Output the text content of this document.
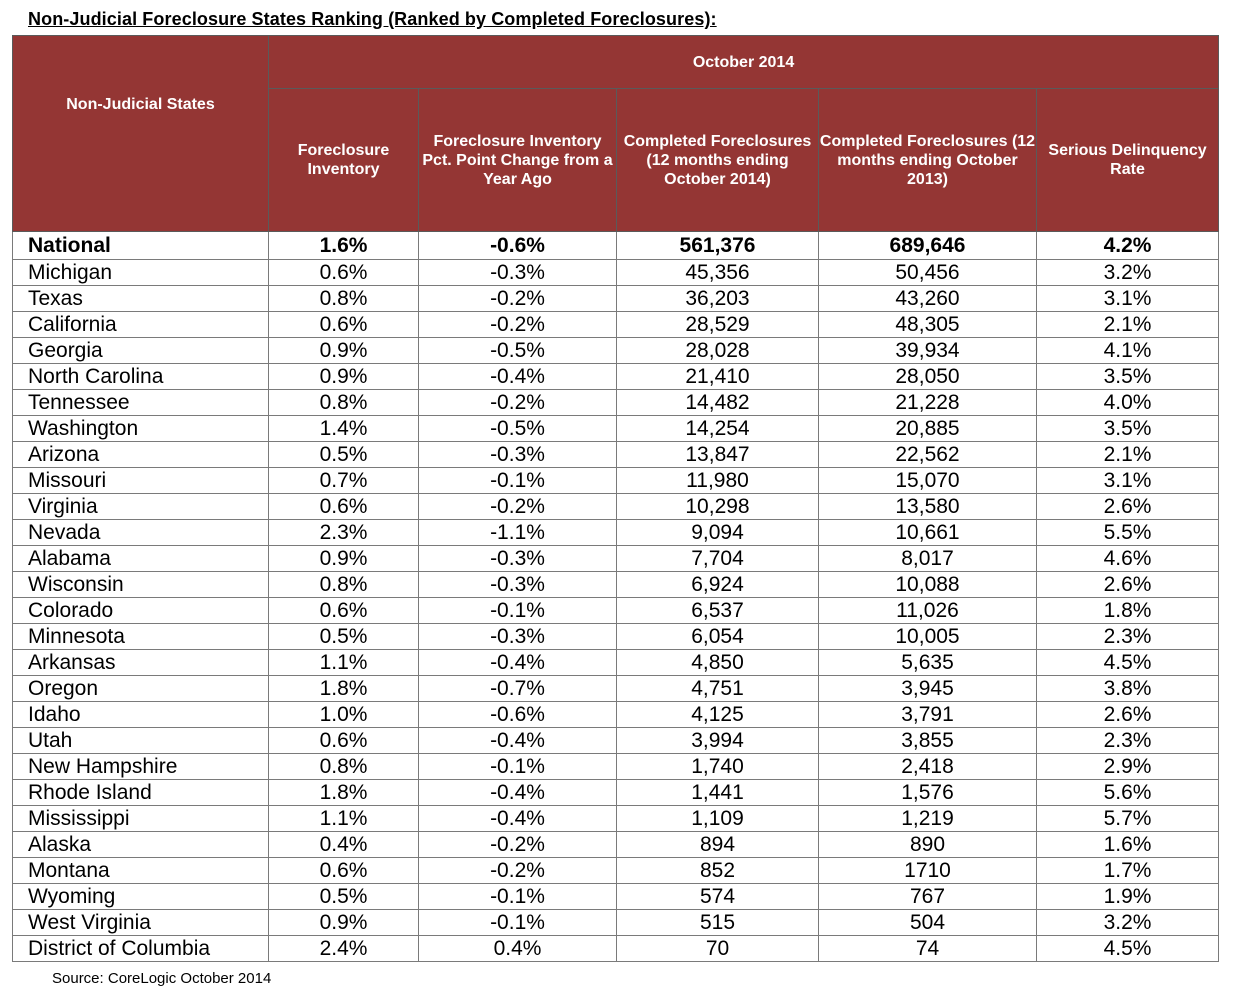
Non-Judicial Foreclosure States Ranking (Ranked by Completed Foreclosures):
Non-Judicial States	October 2014				
	Foreclosure Inventory	Foreclosure Inventory Pct. Point Change from a Year Ago	Completed Foreclosures (12 months ending October 2014)	Completed Foreclosures (12 months ending October 2013)	Serious Delinquency Rate
National	1.6%	-0.6%	561,376	689,646	4.2%
Michigan	0.6%	-0.3%	45,356	50,456	3.2%
Texas	0.8%	-0.2%	36,203	43,260	3.1%
California	0.6%	-0.2%	28,529	48,305	2.1%
Georgia	0.9%	-0.5%	28,028	39,934	4.1%
North Carolina	0.9%	-0.4%	21,410	28,050	3.5%
Tennessee	0.8%	-0.2%	14,482	21,228	4.0%
Washington	1.4%	-0.5%	14,254	20,885	3.5%
Arizona	0.5%	-0.3%	13,847	22,562	2.1%
Missouri	0.7%	-0.1%	11,980	15,070	3.1%
Virginia	0.6%	-0.2%	10,298	13,580	2.6%
Nevada	2.3%	-1.1%	9,094	10,661	5.5%
Alabama	0.9%	-0.3%	7,704	8,017	4.6%
Wisconsin	0.8%	-0.3%	6,924	10,088	2.6%
Colorado	0.6%	-0.1%	6,537	11,026	1.8%
Minnesota	0.5%	-0.3%	6,054	10,005	2.3%
Arkansas	1.1%	-0.4%	4,850	5,635	4.5%
Oregon	1.8%	-0.7%	4,751	3,945	3.8%
Idaho	1.0%	-0.6%	4,125	3,791	2.6%
Utah	0.6%	-0.4%	3,994	3,855	2.3%
New Hampshire	0.8%	-0.1%	1,740	2,418	2.9%
Rhode Island	1.8%	-0.4%	1,441	1,576	5.6%
Mississippi	1.1%	-0.4%	1,109	1,219	5.7%
Alaska	0.4%	-0.2%	894	890	1.6%
Montana	0.6%	-0.2%	852	1710	1.7%
Wyoming	0.5%	-0.1%	574	767	1.9%
West Virginia	0.9%	-0.1%	515	504	3.2%
District of Columbia	2.4%	0.4%	70	74	4.5%
Source: CoreLogic October 2014
